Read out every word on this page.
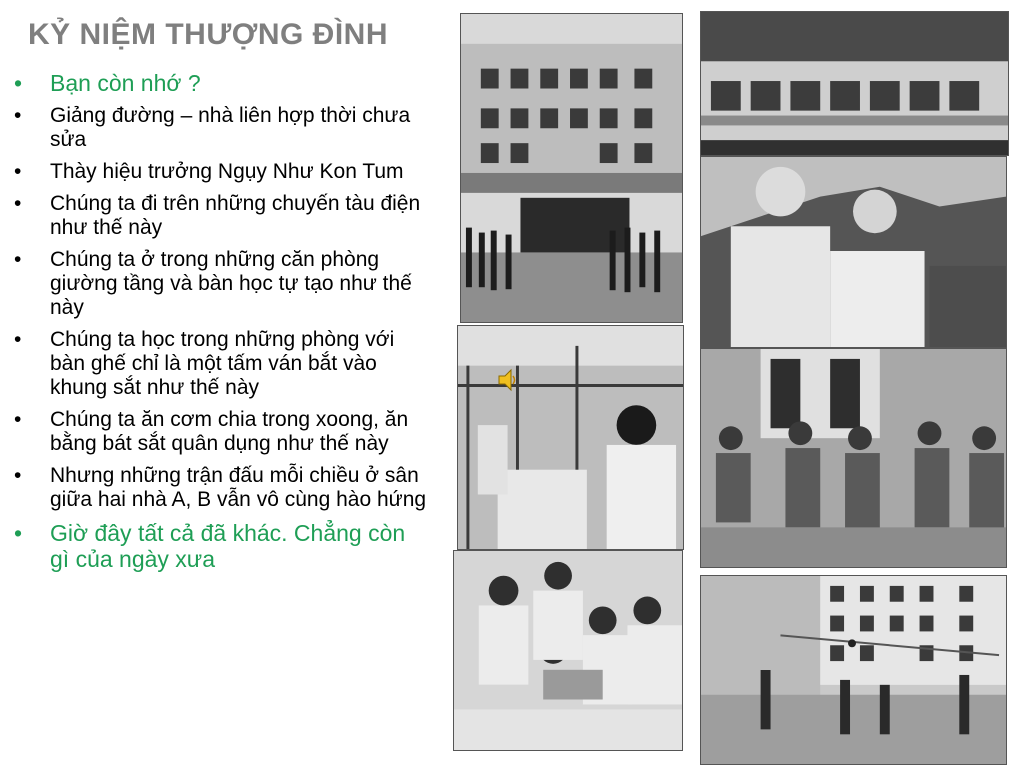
KỶ NIỆM THƯỢNG ĐÌNH
• Bạn còn nhớ ?
• Giảng đường – nhà liên hợp thời chưa sửa
• Thày hiệu trưởng Ngụy Như Kon Tum
• Chúng ta đi trên những chuyến tàu điện như thế này
• Chúng ta ở trong những căn phòng giường tầng và bàn học tự tạo như thế này
• Chúng ta học trong những phòng với bàn ghế chỉ là một tấm ván bắt vào khung sắt như thế này
• Chúng ta ăn cơm chia trong xoong, ăn bằng bát sắt quân dụng như thế này
• Nhưng những trận đấu mỗi chiều ở sân giữa hai nhà A, B vẫn vô cùng hào hứng
• Giờ đây tất cả đã khác. Chẳng còn gì của ngày xưa
